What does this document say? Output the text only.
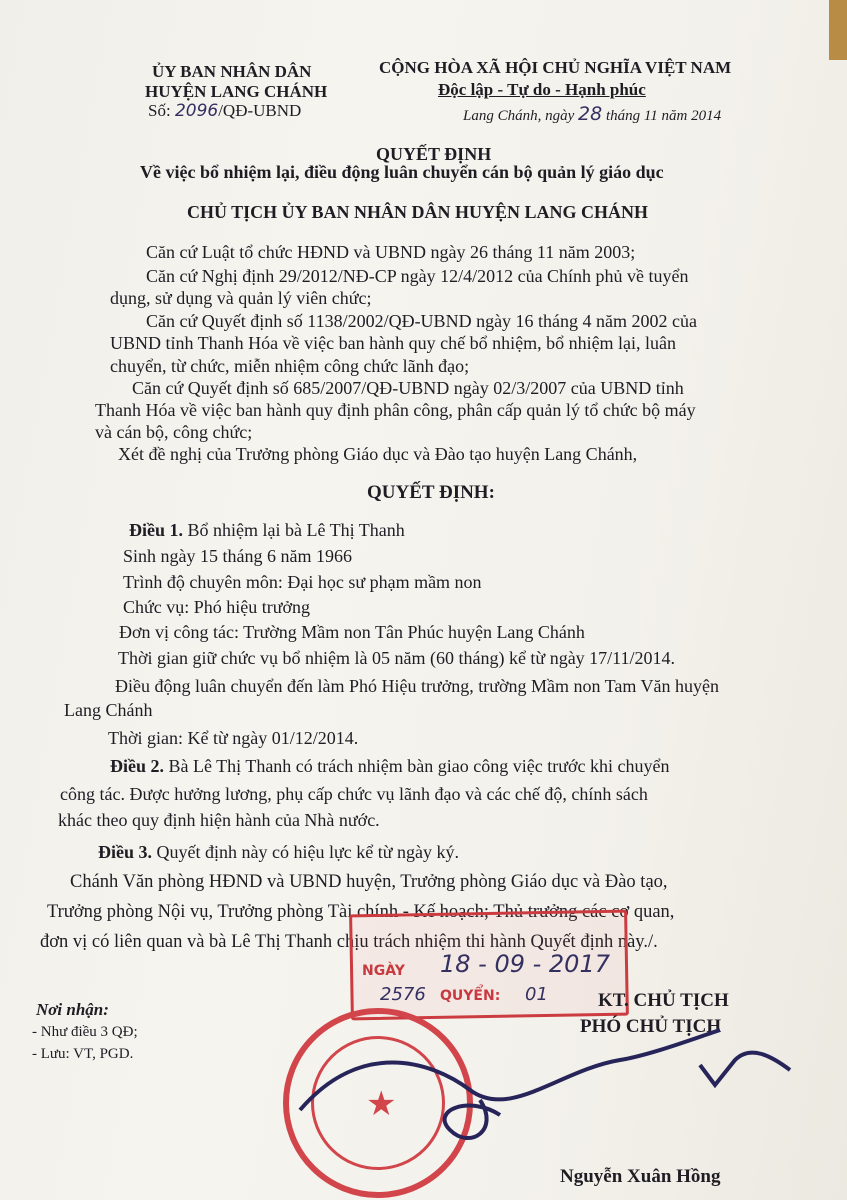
ỦY BAN NHÂN DÂN
HUYỆN LANG CHÁNH
Số: 2096/QĐ-UBND
CỘNG HÒA XÃ HỘI CHỦ NGHĨA VIỆT NAM
Độc lập - Tự do - Hạnh phúc
Lang Chánh, ngày 28 tháng 11 năm 2014
QUYẾT ĐỊNH
Về việc bổ nhiệm lại, điều động luân chuyển cán bộ quản lý giáo dục
CHỦ TỊCH ỦY BAN NHÂN DÂN HUYỆN LANG CHÁNH
Căn cứ Luật tổ chức HĐND và UBND ngày 26 tháng 11 năm 2003;
Căn cứ Nghị định 29/2012/NĐ-CP ngày 12/4/2012 của Chính phủ về tuyển
dụng, sử dụng và quản lý viên chức;
Căn cứ Quyết định số 1138/2002/QĐ-UBND ngày 16 tháng 4 năm 2002 của
UBND tỉnh Thanh Hóa về việc ban hành quy chế bổ nhiệm, bổ nhiệm lại, luân
chuyển, từ chức, miễn nhiệm công chức lãnh đạo;
Căn cứ Quyết định số 685/2007/QĐ-UBND ngày 02/3/2007 của UBND tỉnh
Thanh Hóa về việc ban hành quy định phân công, phân cấp quản lý tổ chức bộ máy
và cán bộ, công chức;
Xét đề nghị của Trưởng phòng Giáo dục và Đào tạo huyện Lang Chánh,
QUYẾT ĐỊNH:
Điều 1. Bổ nhiệm lại bà Lê Thị Thanh
Sinh ngày 15 tháng 6 năm 1966
Trình độ chuyên môn: Đại học sư phạm mầm non
Chức vụ: Phó hiệu trưởng
Đơn vị công tác: Trường Mầm non Tân Phúc huyện Lang Chánh
Thời gian giữ chức vụ bổ nhiệm là 05 năm (60 tháng) kể từ ngày 17/11/2014.
Điều động luân chuyển đến làm Phó Hiệu trưởng, trường Mầm non Tam Văn huyện
Lang Chánh
Thời gian: Kể từ ngày 01/12/2014.
Điều 2. Bà Lê Thị Thanh có trách nhiệm bàn giao công việc trước khi chuyển
công tác. Được hưởng lương, phụ cấp chức vụ lãnh đạo và các chế độ, chính sách
khác theo quy định hiện hành của Nhà nước.
Điều 3. Quyết định này có hiệu lực kể từ ngày ký.
Chánh Văn phòng HĐND và UBND huyện, Trưởng phòng Giáo dục và Đào tạo,
Trưởng phòng Nội vụ, Trưởng phòng Tài chính - Kế hoạch; Thủ trưởng các cơ quan,
đơn vị có liên quan và bà Lê Thị Thanh chịu trách nhiệm thi hành Quyết định này./.
NGÀY 18 - 09 - 2017
2576 QUYỂN: 01
Nơi nhận:
- Như điều 3 QĐ;
- Lưu: VT, PGD.
★
KT. CHỦ TỊCH
PHÓ CHỦ TỊCH
Nguyễn Xuân Hồng
